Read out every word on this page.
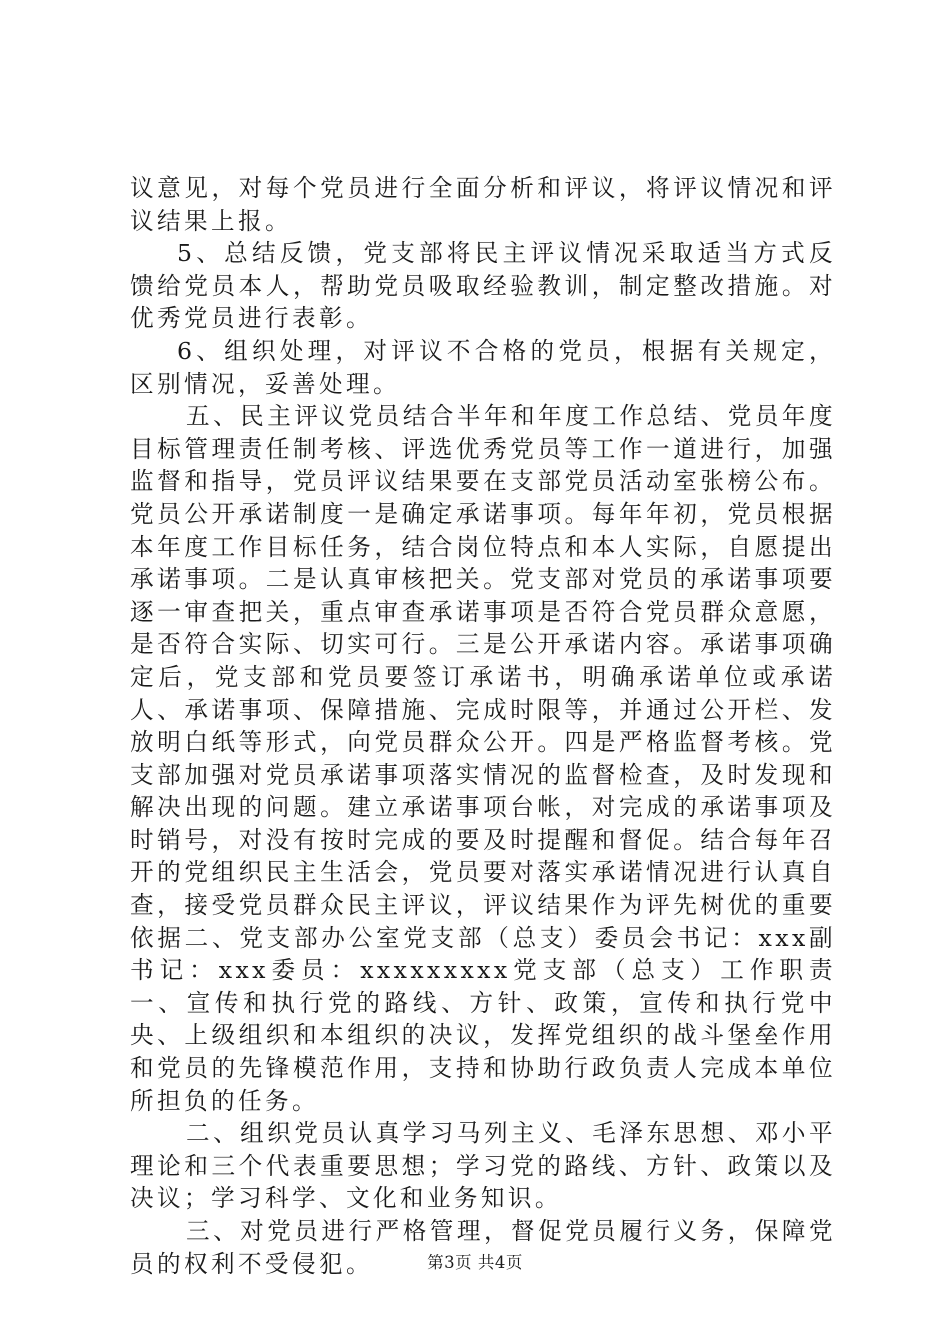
议意见，对每个党员进行全面分析和评议，将评议情况和评议结果上报。

5、总结反馈，党支部将民主评议情况采取适当方式反馈给党员本人，帮助党员吸取经验教训，制定整改措施。对优秀党员进行表彰。

6、组织处理，对评议不合格的党员，根据有关规定，区别情况，妥善处理。

五、民主评议党员结合半年和年度工作总结、党员年度目标管理责任制考核、评选优秀党员等工作一道进行，加强监督和指导，党员评议结果要在支部党员活动室张榜公布。党员公开承诺制度一是确定承诺事项。每年年初，党员根据本年度工作目标任务，结合岗位特点和本人实际，自愿提出承诺事项。二是认真审核把关。党支部对党员的承诺事项要逐一审查把关，重点审查承诺事项是否符合党员群众意愿，是否符合实际、切实可行。三是公开承诺内容。承诺事项确定后，党支部和党员要签订承诺书，明确承诺单位或承诺人、承诺事项、保障措施、完成时限等，并通过公开栏、发放明白纸等形式，向党员群众公开。四是严格监督考核。党支部加强对党员承诺事项落实情况的监督检查，及时发现和解决出现的问题。建立承诺事项台帐，对完成的承诺事项及时销号，对没有按时完成的要及时提醒和督促。结合每年召开的党组织民主生活会，党员要对落实承诺情况进行认真自查，接受党员群众民主评议，评议结果作为评先树优的重要依据二、党支部办公室党支部（总支）委员会书记：xxx副书记：xxx委员：xxxxxxxxx党支部（总支）工作职责一、宣传和执行党的路线、方针、政策，宣传和执行党中央、上级组织和本组织的决议，发挥党组织的战斗堡垒作用和党员的先锋模范作用，支持和协助行政负责人完成本单位所担负的任务。

二、组织党员认真学习马列主义、毛泽东思想、邓小平理论和三个代表重要思想；学习党的路线、方针、政策以及决议；学习科学、文化和业务知识。

三、对党员进行严格管理，督促党员履行义务，保障党员的权利不受侵犯。	第3页 共4页
